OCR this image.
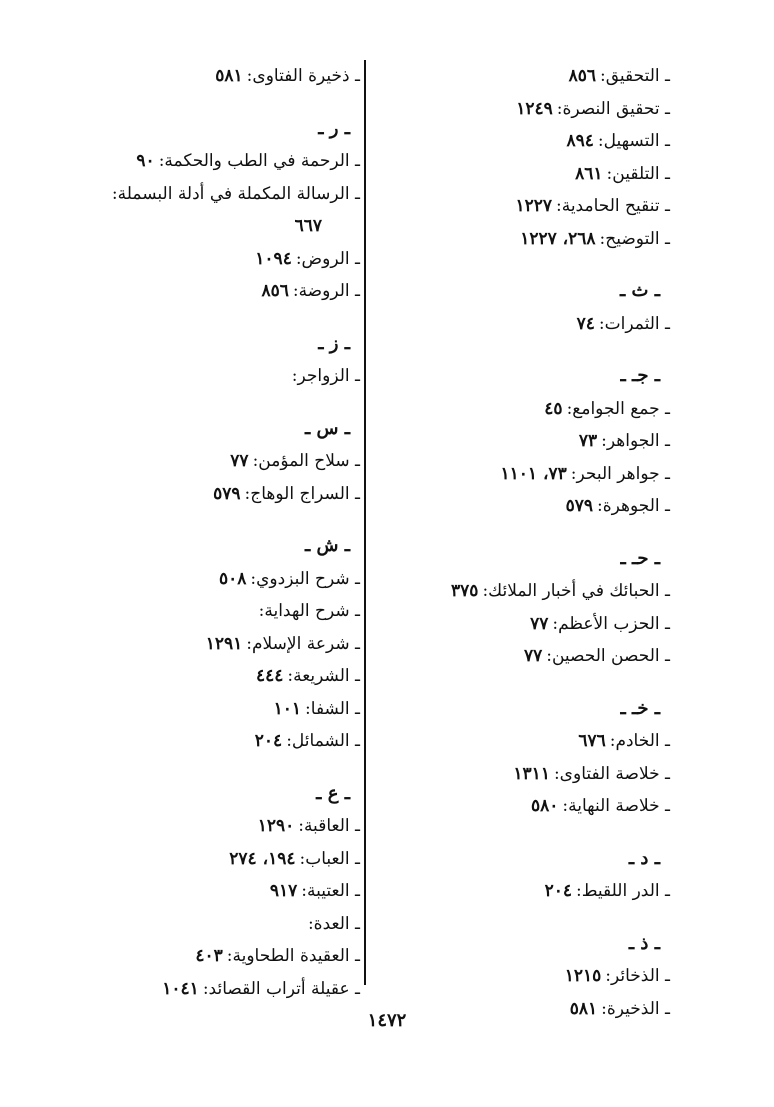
ـ التحقيق:٨٥٦
ـ تحقيق النصرة:١٢٤٩
ـ التسهيل:٨٩٤
ـ التلقين:٨٦١
ـ تنقيح الحامدية:١٢٢٧
ـ التوضيح:٢٦٨، ١٢٢٧
ـ ث ـ
ـ الثمرات:٧٤
ـ جـ ـ
ـ جمع الجوامع:٤٥
ـ الجواهر:٧٣
ـ جواهر البحر:٧٣، ١١٠١
ـ الجوهرة:٥٧٩
ـ حـ ـ
ـ الحبائك في أخبار الملائك:٣٧٥
ـ الحزب الأعظم:٧٧
ـ الحصن الحصين:٧٧
ـ خـ ـ
ـ الخادم:٦٧٦
ـ خلاصة الفتاوى:١٣١١
ـ خلاصة النهاية:٥٨٠
ـ د ـ
ـ الدر اللقيط:٢٠٤
ـ ذ ـ
ـ الذخائر:١٢١٥
ـ الذخيرة:٥٨١
ـ ذخيرة الفتاوى:٥٨١
ـ ر ـ
ـ الرحمة في الطب والحكمة:٩٠
ـ الرسالة المكملة في أدلة البسملة:
٦٦٧
ـ الروض:١٠٩٤
ـ الروضة:٨٥٦
ـ ز ـ
ـ الزواجر:
ـ س ـ
ـ سلاح المؤمن:٧٧
ـ السراج الوهاج:٥٧٩
ـ ش ـ
ـ شرح البزدوي:٥٠٨
ـ شرح الهداية:
ـ شرعة الإسلام:١٢٩١
ـ الشريعة:٤٤٤
ـ الشفا:١٠١
ـ الشمائل:٢٠٤
ـ ع ـ
ـ العاقبة:١٢٩٠
ـ العباب:١٩٤، ٢٧٤
ـ العتيبة:٩١٧
ـ العدة:
ـ العقيدة الطحاوية:٤٠٣
ـ عقيلة أتراب القصائد:١٠٤١
١٤٧٢
